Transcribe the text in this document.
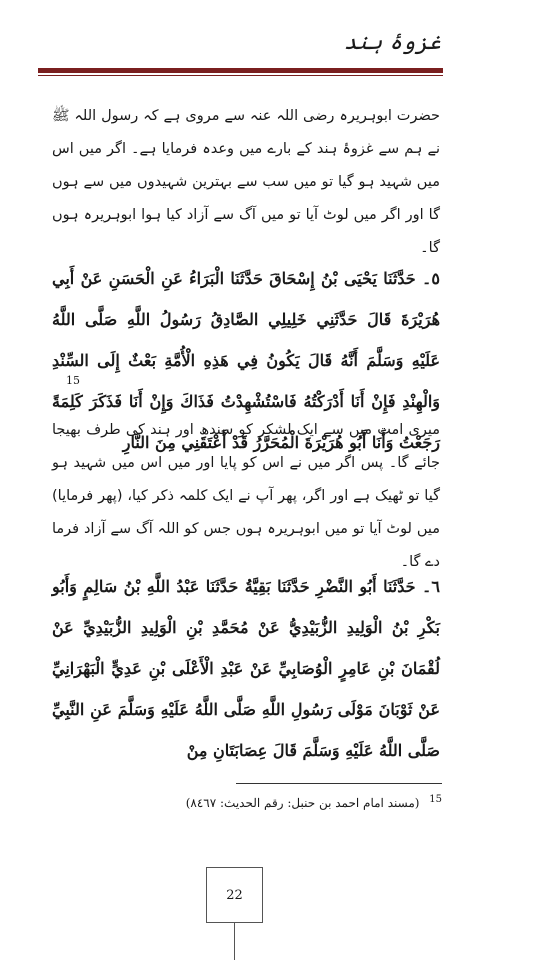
غزوۂ ہند
حضرت ابوہریرہ رضی اللہ عنہ سے مروی ہے کہ رسول اللہ ﷺ نے ہم سے غزوۂ ہند کے بارے میں وعدہ فرمایا ہے۔ اگر میں اس میں شہید ہو گیا تو میں سب سے بہترین شہیدوں میں سے ہوں گا اور اگر میں لوٹ آیا تو میں آگ سے آزاد کیا ہوا ابوہریرہ ہوں گا۔
٥۔ حَدَّثَنَا يَحْيَى بْنُ إِسْحَاقَ حَدَّثَنَا الْبَرَاءُ عَنِ الْحَسَنِ عَنْ أَبِي هُرَيْرَةَ قَالَ حَدَّثَنِي خَلِيلِي الصَّادِقُ رَسُولُ اللَّهِ صَلَّى اللَّهُ عَلَيْهِ وَسَلَّمَ أَنَّهُ قَالَ يَكُونُ فِي هَذِهِ الْأُمَّةِ بَعْثٌ إِلَى السِّنْدِ وَالْهِنْدِ فَإِنْ أَنَا أَدْرَكْتُهُ فَاسْتُشْهِدْتُ فَذَاكَ وَإِنْ أَنَا فَذَكَرَ كَلِمَةً رَجَعْتُ وَأَنَا أَبُو هُرَيْرَةَ الْمُحَرَّرُ قَدْ أَعْتَقَنِي مِنَ النَّارِ
15
میری امت میں سے ایک لشکر کو سندھ اور ہند کی طرف بھیجا جائے گا۔ پس اگر میں نے اس کو پایا اور میں اس میں شہید ہو گیا تو ٹھیک ہے اور اگر، پھر آپ نے ایک کلمہ ذکر کیا، (پھر فرمایا) میں لوٹ آیا تو میں ابوہریرہ ہوں جس کو اللہ آگ سے آزاد فرما دے گا۔
٦۔ حَدَّثَنَا أَبُو النَّضْرِ حَدَّثَنَا بَقِيَّةُ حَدَّثَنَا عَبْدُ اللَّهِ بْنُ سَالِمٍ وَأَبُو بَكْرِ بْنُ الْوَلِيدِ الزُّبَيْدِيُّ عَنْ مُحَمَّدِ بْنِ الْوَلِيدِ الزُّبَيْدِيِّ عَنْ لُقْمَانَ بْنِ عَامِرٍ الْوُصَابِيِّ عَنْ عَبْدِ الْأَعْلَى بْنِ عَدِيٍّ الْبَهْرَانِيِّ عَنْ ثَوْبَانَ مَوْلَى رَسُولِ اللَّهِ صَلَّى اللَّهُ عَلَيْهِ وَسَلَّمَ عَنِ النَّبِيِّ صَلَّى اللَّهُ عَلَيْهِ وَسَلَّمَ قَالَ عِصَابَتَانِ مِنْ
$^{15}$ (مسند امام احمد بن حنبل: رقم الحدیث: ٨٤٦٧)
22
